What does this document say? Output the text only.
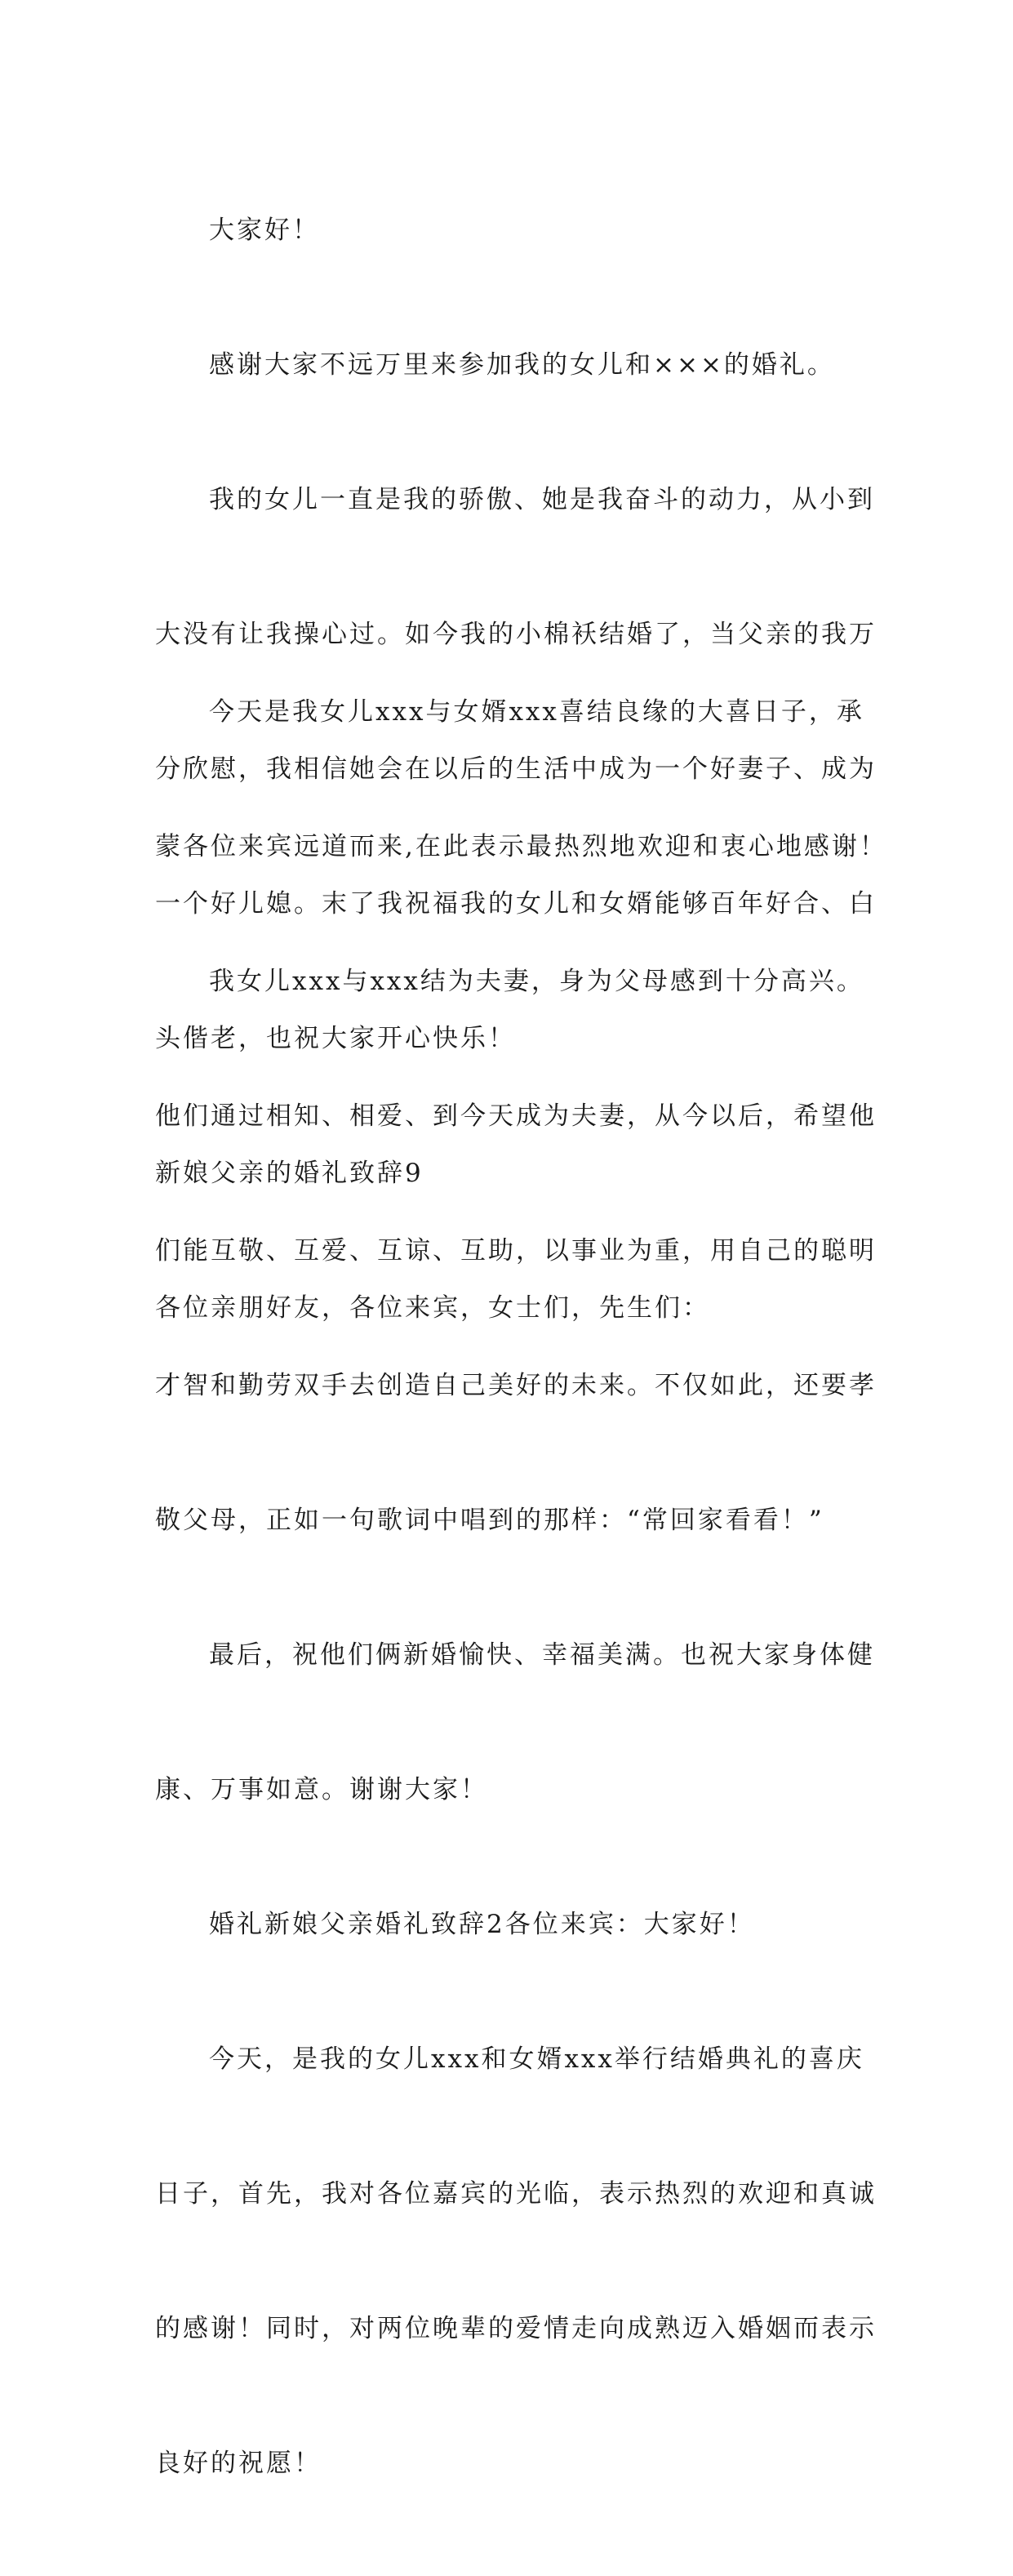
大家好！

感谢大家不远万里来参加我的女儿和×××的婚礼。

我的女儿一直是我的骄傲、她是我奋斗的动力，从小到

大没有让我操心过。如今我的小棉袄结婚了，当父亲的我万

分欣慰，我相信她会在以后的生活中成为一个好妻子、成为

一个好儿媳。末了我祝福我的女儿和女婿能够百年好合、白

头偕老，也祝大家开心快乐！

新娘父亲的婚礼致辞9

各位亲朋好友，各位来宾，女士们，先生们：

今天是我女儿xxx与女婿xxx喜结良缘的大喜日子，承

蒙各位来宾远道而来,在此表示最热烈地欢迎和衷心地感谢！

我女儿xxx与xxx结为夫妻，身为父母感到十分高兴。

他们通过相知、相爱、到今天成为夫妻，从今以后，希望他

们能互敬、互爱、互谅、互助，以事业为重，用自己的聪明

才智和勤劳双手去创造自己美好的未来。不仅如此，还要孝

敬父母，正如一句歌词中唱到的那样：“常回家看看！”

最后，祝他们俩新婚愉快、幸福美满。也祝大家身体健

康、万事如意。谢谢大家！

婚礼新娘父亲婚礼致辞2各位来宾：大家好！

今天，是我的女儿xxx和女婿xxx举行结婚典礼的喜庆

日子，首先，我对各位嘉宾的光临，表示热烈的欢迎和真诚

的感谢！同时，对两位晚辈的爱情走向成熟迈入婚姻而表示

良好的祝愿！
